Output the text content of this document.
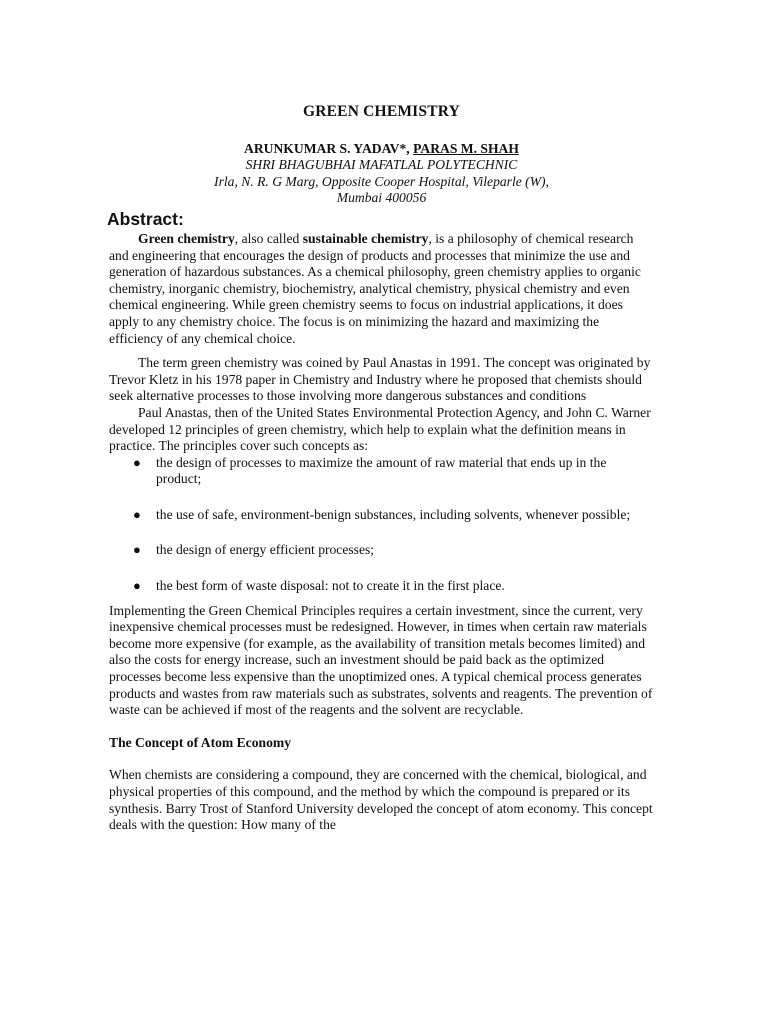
GREEN CHEMISTRY

ARUNKUMAR S. YADAV*, PARAS M. SHAH

SHRI BHAGUBHAI MAFATLAL POLYTECHNIC

Irla, N. R. G Marg, Opposite Cooper Hospital, Vileparle (W),

Mumbai 400056

Abstract:

Green chemistry, also called sustainable chemistry, is a philosophy of chemical research and engineering that encourages the design of products and processes that minimize the use and generation of hazardous substances. As a chemical philosophy, green chemistry applies to organic chemistry, inorganic chemistry, biochemistry, analytical chemistry, physical chemistry and even chemical engineering. While green chemistry seems to focus on industrial applications, it does apply to any chemistry choice. The focus is on minimizing the hazard and maximizing the efficiency of any chemical choice.

The term green chemistry was coined by Paul Anastas in 1991. The concept was originated by Trevor Kletz in his 1978 paper in Chemistry and Industry where he proposed that chemists should seek alternative processes to those involving more dangerous substances and conditions

Paul Anastas, then of the United States Environmental Protection Agency, and John C. Warner developed 12 principles of green chemistry, which help to explain what the definition means in practice. The principles cover such concepts as:

● the design of processes to maximize the amount of raw material that ends up in the product;
● the use of safe, environment-benign substances, including solvents, whenever possible;
● the design of energy efficient processes;
● the best form of waste disposal: not to create it in the first place.

Implementing the Green Chemical Principles requires a certain investment, since the current, very inexpensive chemical processes must be redesigned. However, in times when certain raw materials become more expensive (for example, as the availability of transition metals becomes limited) and also the costs for energy increase, such an investment should be paid back as the optimized processes become less expensive than the unoptimized ones. A typical chemical process generates products and wastes from raw materials such as substrates, solvents and reagents. The prevention of waste can be achieved if most of the reagents and the solvent are recyclable.

The Concept of Atom Economy

When chemists are considering a compound, they are concerned with the chemical, biological, and physical properties of this compound, and the method by which the compound is prepared or its synthesis. Barry Trost of Stanford University developed the concept of atom economy. This concept deals with the question: How many of the
